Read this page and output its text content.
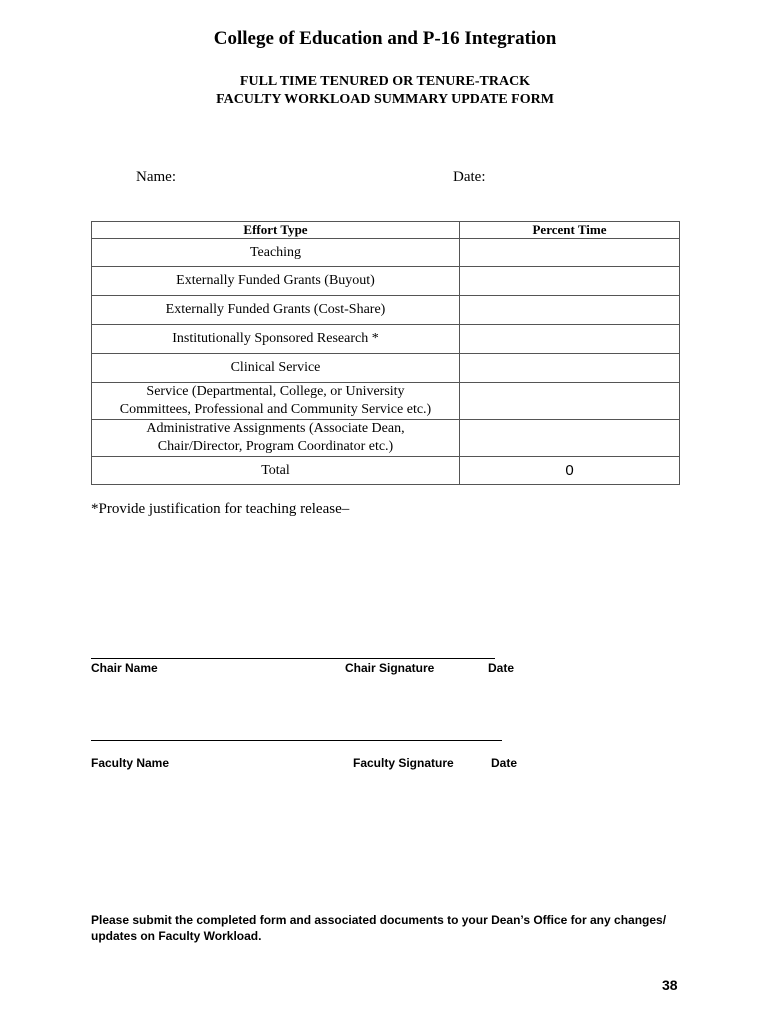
College of Education and P-16 Integration
FULL TIME TENURED OR TENURE-TRACK
FACULTY WORKLOAD SUMMARY UPDATE FORM
Name:	Date:
Effort Type	Percent Time
Teaching	
Externally Funded Grants (Buyout)	
Externally Funded Grants (Cost-Share)	
Institutionally Sponsored Research *	
Clinical Service	

Service (Departmental, College, or University
Committees, Professional and Community Service etc.)	

Administrative Assignments (Associate Dean,
Chair/Director, Program Coordinator etc.)	

Total	0
*Provide justification for teaching release–
Chair Name	Chair Signature	Date
Faculty Name	Faculty Signature	Date
Please submit the completed form and associated documents to your Dean’s Office for any changes/
updates on Faculty Workload.
38
